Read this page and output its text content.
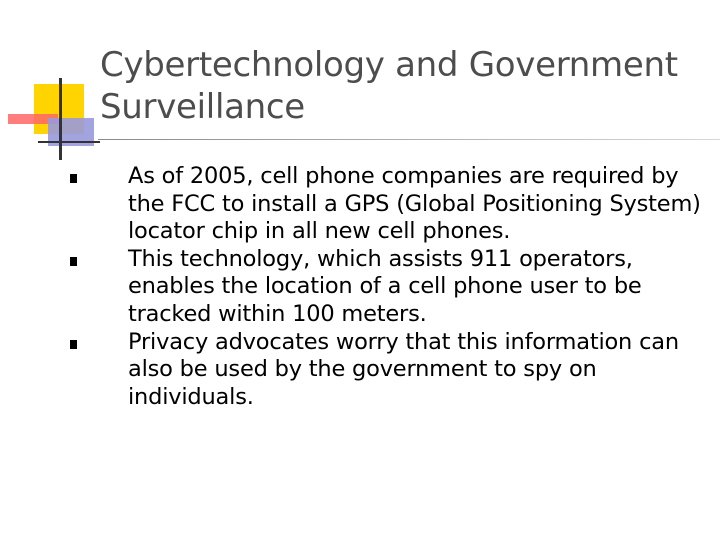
Cybertechnology and Government
Surveillance
As of 2005, cell phone companies are required by the FCC to install a GPS (Global Positioning System) locator chip in all new cell phones.
This technology, which assists 911 operators, enables the location of a cell phone user to be tracked within 100 meters.
Privacy advocates worry that this information can also be used by the government to spy on individuals.
